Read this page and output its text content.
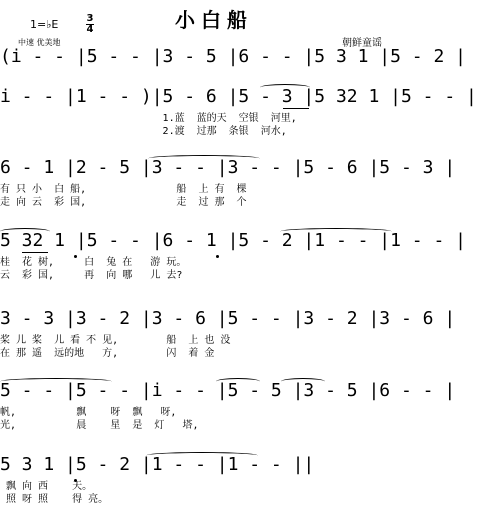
小白船
1=♭E	3
4
中速 优美地	朝鲜童谣
(i - - |5 - - |3 - 5 |6 - - |5 3 1 |5 - 2 |
i - - |1 - - )|5 - 6 |5 - 3 |5 32 1 |5 - - |
1.蓝  蓝的天  空银  河里,
2.渡  过那  条银  河水,
6 - 1 |2 - 5 |3 - - |3 - - |5 - 6 |5 - 3 |
有 只 小  白 船,               船  上 有  棵
走 向 云  彩 国,               走  过 那  个
5 32 1 |5 - - |6 - 1 |5 - 2 |1 - - |1 - - |
桂  花 树,     白  兔 在   游 玩。
云  彩 国,     再  向 哪   儿 去?
3 - 3 |3 - 2 |3 - 6 |5 - - |3 - 2 |3 - 6 |
桨 儿 桨  儿 看 不 见,        船  上 也 没
在 那 遥  远的地   方,        闪  着 金
5 - - |5 - - |i - - |5 - 5 |3 - 5 |6 - - |
帆,          飘    呀  飘   呀,
光,          晨    星  是  灯   塔,
5 3 1 |5 - 2 |1 - - |1 - - ||
飘 向 西    天。
照 呀 照    得 亮。
